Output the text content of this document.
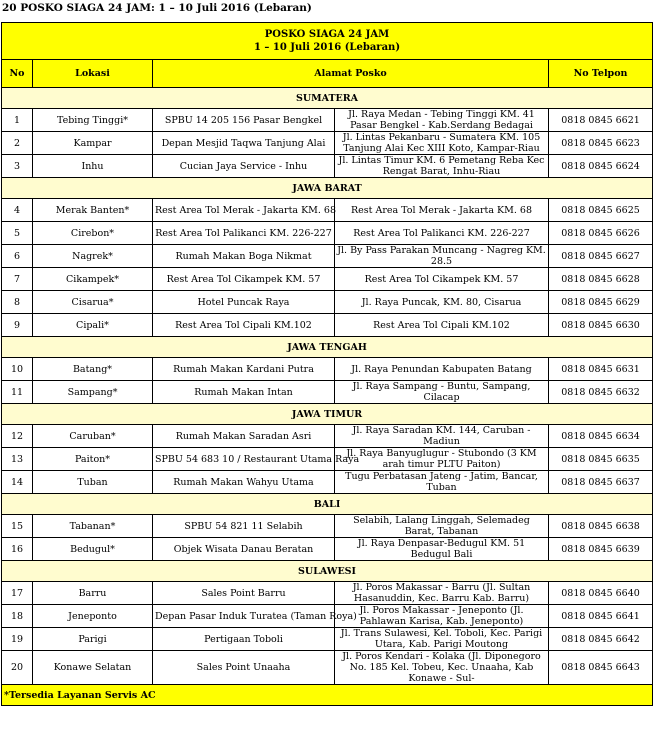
20 POSKO SIAGA 24 JAM: 1 – 10 Juli 2016 (Lebaran)
POSKO SIAGA 24 JAM
1 – 10 Juli 2016 (Lebaran)				

No	Lokasi	Alamat Posko		No Telpon
SUMATERA				
1	Tebing Tinggi*	SPBU 14 205 156 Pasar Bengkel	Jl. Raya Medan - Tebing Tinggi KM. 41 Pasar Bengkel - Kab.Serdang Bedagai	0818 0845 6621
2	Kampar	Depan Mesjid Taqwa Tanjung Alai	Jl. Lintas Pekanbaru - Sumatera KM. 105 Tanjung Alai Kec XIII Koto, Kampar-Riau	0818 0845 6623
3	Inhu	Cucian Jaya Service - Inhu	Jl. Lintas Timur KM. 6 Pemetang Reba Kec Rengat Barat, Inhu-Riau	0818 0845 6624
JAWA BARAT				
4	Merak Banten*	Rest Area Tol Merak - Jakarta KM. 68	Rest Area Tol Merak - Jakarta KM. 68	0818 0845 6625
5	Cirebon*	Rest Area Tol Palikanci KM. 226-227	Rest Area Tol Palikanci KM. 226-227	0818 0845 6626
6	Nagrek*	Rumah Makan Boga Nikmat	Jl. By Pass Parakan Muncang - Nagreg KM. 28.5	0818 0845 6627
7	Cikampek*	Rest Area Tol Cikampek KM. 57	Rest Area Tol Cikampek KM. 57	0818 0845 6628
8	Cisarua*	Hotel Puncak Raya	Jl. Raya Puncak, KM. 80, Cisarua	0818 0845 6629
9	Cipali*	Rest Area Tol Cipali KM.102	Rest Area Tol Cipali KM.102	0818 0845 6630
JAWA TENGAH				
10	Batang*	Rumah Makan Kardani Putra	Jl. Raya Penundan Kabupaten Batang	0818 0845 6631
11	Sampang*	Rumah Makan Intan	Jl. Raya Sampang - Buntu, Sampang, Cilacap	0818 0845 6632
JAWA TIMUR				
12	Caruban*	Rumah Makan Saradan Asri	Jl. Raya Saradan KM. 144, Caruban - Madiun	0818 0845 6634
13	Paiton*	SPBU 54 683 10 / Restaurant Utama Raya	Jl. Raya Banyuglugur - Stubondo (3 KM arah timur PLTU Paiton)	0818 0845 6635
14	Tuban	Rumah Makan Wahyu Utama	Tugu Perbatasan Jateng - Jatim, Bancar, Tuban	0818 0845 6637
BALI				
15	Tabanan*	SPBU 54 821 11 Selabih	Selabih, Lalang Linggah, Selemadeg Barat, Tabanan	0818 0845 6638
16	Bedugul*	Objek Wisata Danau Beratan	Jl. Raya Denpasar-Bedugul KM. 51 Bedugul Bali	0818 0845 6639
SULAWESI				
17	Barru	Sales Point Barru	Jl. Poros Makassar - Barru (Jl. Sultan Hasanuddin, Kec. Barru Kab. Barru)	0818 0845 6640
18	Jeneponto	Depan Pasar Induk Turatea (Taman Roya)	Jl. Poros Makassar - Jeneponto (Jl. Pahlawan Karisa, Kab. Jeneponto)	0818 0845 6641
19	Parigi	Pertigaan Toboli	Jl. Trans Sulawesi, Kel. Toboli, Kec. Parigi Utara, Kab. Parigi Moutong	0818 0845 6642
20	Konawe Selatan	Sales Point Unaaha	Jl. Poros Kendari - Kolaka (Jl. Diponegoro No. 185 Kel. Tobeu, Kec. Unaaha, Kab Konawe - Sul-	0818 0845 6643
*Tersedia Layanan Servis AC				
